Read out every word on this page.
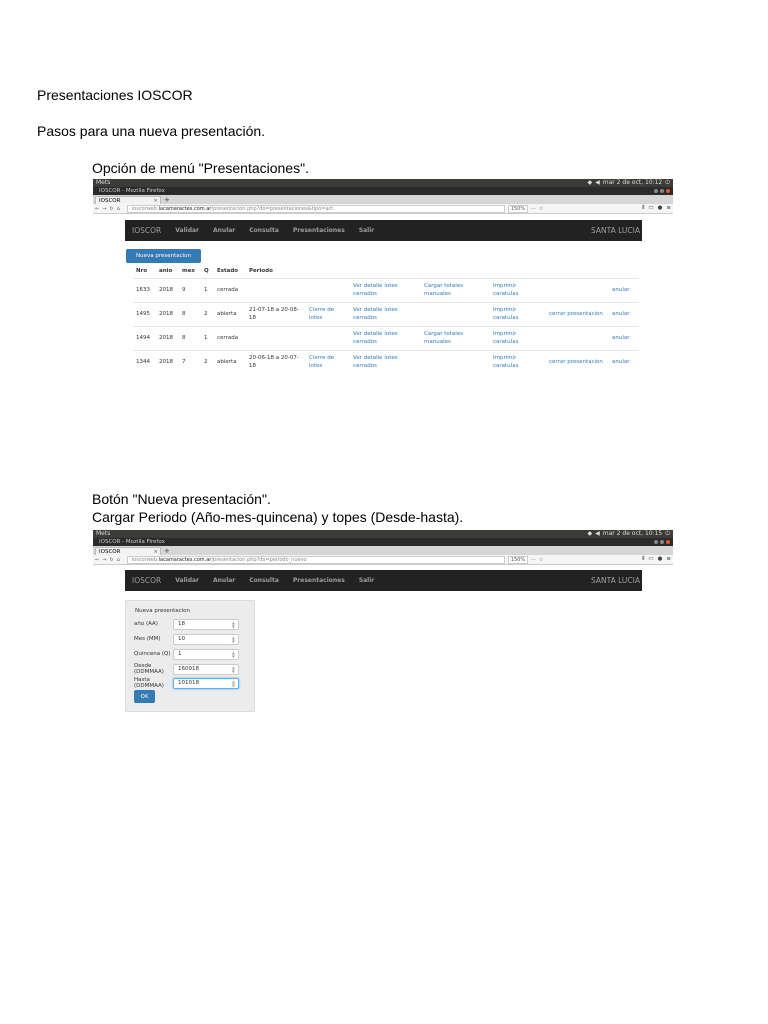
Presentaciones IOSCOR
Pasos para una nueva presentación.
Opción de menú "Presentaciones".
Botón "Nueva presentación".
Cargar Periodo (Año-mes-quincena) y topes (Desde-hasta).
Mets	◆ ◀ mar 2 de oct, 10:12 ⏻
IOSCOR - Mozilla Firefox
IOSCOR	× +
← → ↻ ⌂	ioscorweb.lacamaractes.com.ar/presentacion.php?do=presentaciones&tipo=act	150%	··· ☆	⫴ ▭ ● ≡
IOSCOR Validar Anular Consulta Presentaciones Salir	SANTA LUCIA
Nueva presentacion
Nro	anio	mes	Q	Estado	Periodo						
1633	2018	9	1	cerrada			Ver detalle lotes cerrados	Cargar totales manuales	Imprimir caratulas		anular
1495	2018	8	2	abierta	21-07-18 a 20-08-18	Cierre de lotes	Ver detalle lotes cerrados		Imprimir caratulas	cerrar presentacion	anular
1494	2018	8	1	cerrada			Ver detalle lotes cerrados	Cargar totales manuales	Imprimir caratulas		anular
1344	2018	7	2	abierta	20-06-18 a 20-07-18	Cierre de lotes	Ver detalle lotes cerrados		Imprimir caratulas	cerrar presentacion	anular
Mets	◆ ◀ mar 2 de oct, 10:15 ⏻
IOSCOR - Mozilla Firefox
IOSCOR	× +
← → ↻ ⌂	ioscorweb.lacamaractes.com.ar/presentacion.php?do=periodo_nuevo	150%	··· ☆	⫴ ▭ ● ≡
IOSCOR Validar Anular Consulta Presentaciones Salir	SANTA LUCIA
Nueva presentacion
año (AA)	18	▲
▼
Mes (MM)	10	▲
▼
Quincena (Q)	1	▲
▼
Desde (DDMMAA)
160918	▲
▼
Hasta (DDMMAA)
101018	▲
▼
OK
